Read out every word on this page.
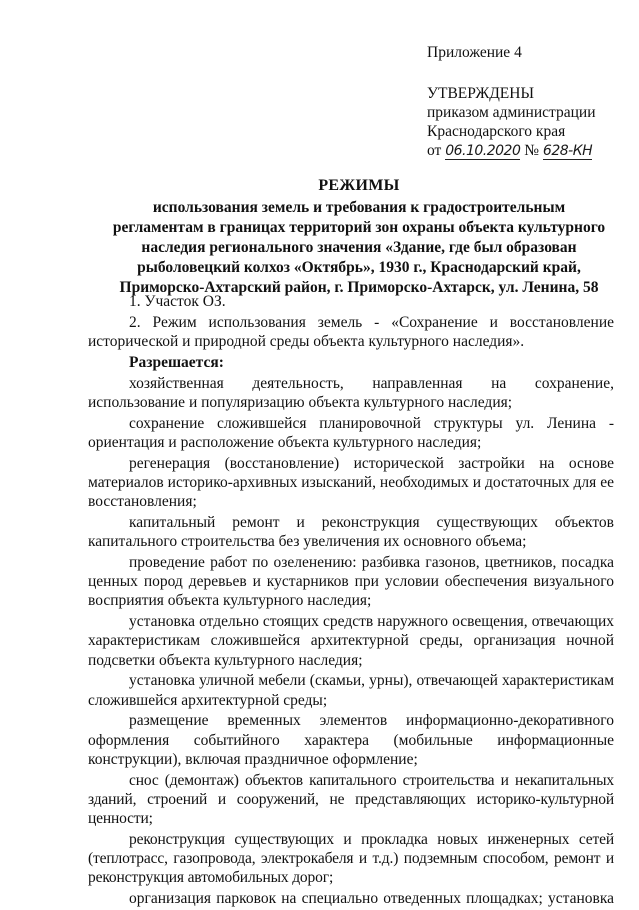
Приложение 4
УТВЕРЖДЕНЫ
приказом администрации
Краснодарского края
от 06.10.2020 № 628-КН
РЕЖИМЫ
использования земель и требования к градостроительным
регламентам в границах территорий зон охраны объекта культурного
наследия регионального значения «Здание, где был образован
рыболовецкий колхоз «Октябрь», 1930 г., Краснодарский край,
Приморско-Ахтарский район, г. Приморско-Ахтарск, ул. Ленина, 58

1. Участок ОЗ.

2. Режим использования земель - «Сохранение и восстановление исторической и природной среды объекта культурного наследия».

Разрешается:

хозяйственная деятельность, направленная на сохранение, использование и популяризацию объекта культурного наследия;

сохранение сложившейся планировочной структуры ул. Ленина - ориентация и расположение объекта культурного наследия;

регенерация (восстановление) исторической застройки на основе материалов историко-архивных изысканий, необходимых и достаточных для ее восстановления;

капитальный ремонт и реконструкция существующих объектов капитального строительства без увеличения их основного объема;

проведение работ по озеленению: разбивка газонов, цветников, посадка ценных пород деревьев и кустарников при условии обеспечения визуального восприятия объекта культурного наследия;

установка отдельно стоящих средств наружного освещения, отвечающих характеристикам сложившейся архитектурной среды, организация ночной подсветки объекта культурного наследия;

установка уличной мебели (скамьи, урны), отвечающей характеристикам сложившейся архитектурной среды;

размещение временных элементов информационно-декоративного оформления событийного характера (мобильные информационные конструкции), включая праздничное оформление;

снос (демонтаж) объектов капитального строительства и некапитальных зданий, строений и сооружений, не представляющих историко-культурной ценности;

реконструкция существующих и прокладка новых инженерных сетей (теплотрасс, газопровода, электрокабеля и т.д.) подземным способом, ремонт и реконструкция автомобильных дорог;

организация парковок на специально отведенных площадках; установка
